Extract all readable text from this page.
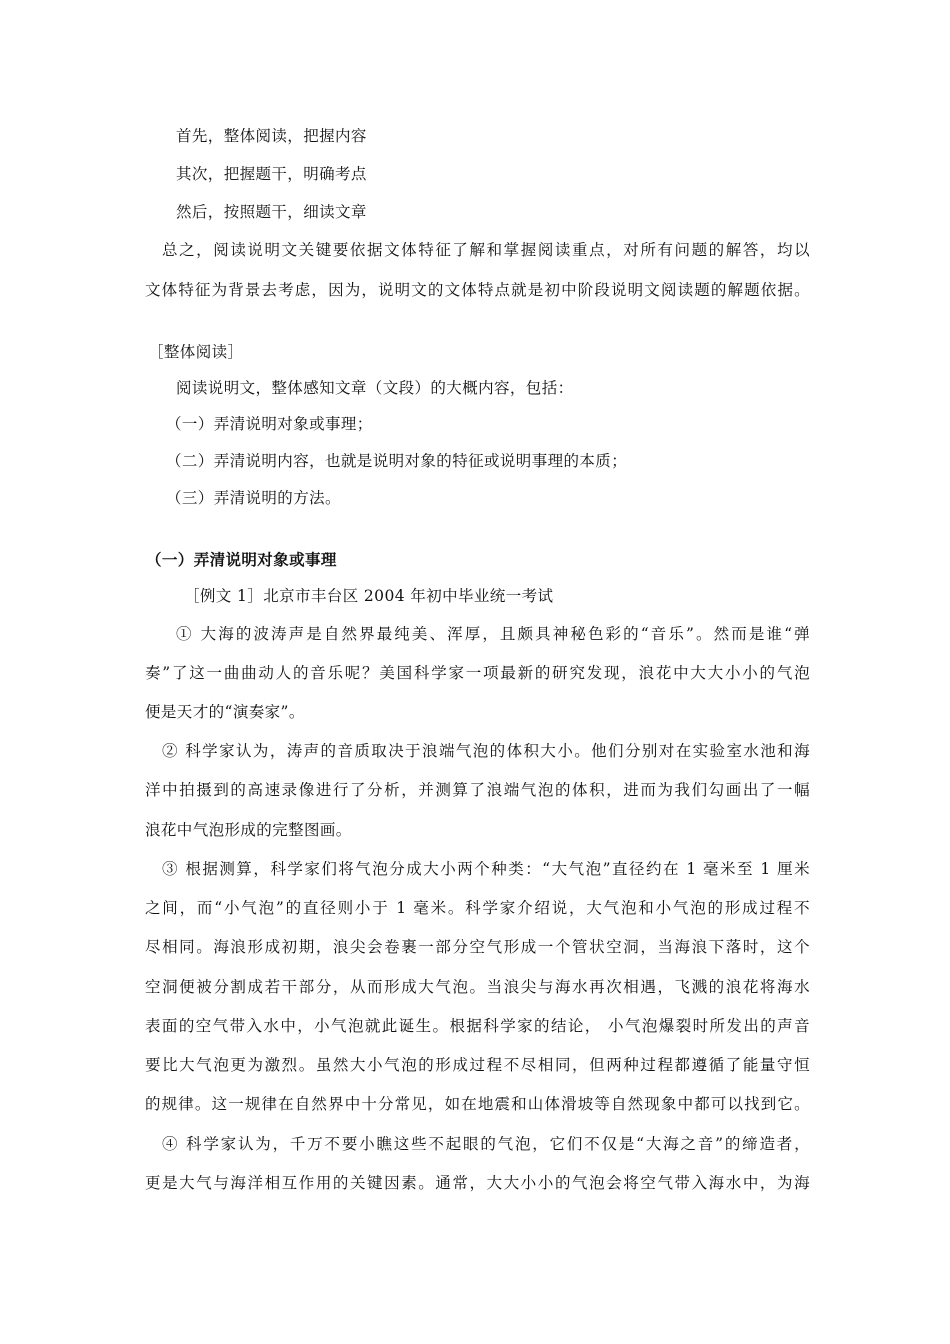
首先，整体阅读，把握内容
其次，把握题干，明确考点
然后，按照题干，细读文章
总之，阅读说明文关键要依据文体特征了解和掌握阅读重点，对所有问题的解答，均以
文体特征为背景去考虑，因为，说明文的文体特点就是初中阶段说明文阅读题的解题依据。
［整体阅读］
阅读说明文，整体感知文章（文段）的大概内容，包括：
（一）弄清说明对象或事理；
（二）弄清说明内容，也就是说明对象的特征或说明事理的本质；
（三）弄清说明的方法。
（一）弄清说明对象或事理
［例文 1］北京市丰台区 2004 年初中毕业统一考试
① 大海的波涛声是自然界最纯美、浑厚，且颇具神秘色彩的“音乐”。然而是谁“弹
奏”了这一曲曲动人的音乐呢？美国科学家一项最新的研究发现，浪花中大大小小的气泡
便是天才的“演奏家”。
② 科学家认为，涛声的音质取决于浪端气泡的体积大小。他们分别对在实验室水池和海
洋中拍摄到的高速录像进行了分析，并测算了浪端气泡的体积，进而为我们勾画出了一幅
浪花中气泡形成的完整图画。
③ 根据测算，科学家们将气泡分成大小两个种类：“大气泡”直径约在 1 毫米至 1 厘米
之间，而“小气泡”的直径则小于 1 毫米。科学家介绍说，大气泡和小气泡的形成过程不
尽相同。海浪形成初期，浪尖会卷裹一部分空气形成一个管状空洞，当海浪下落时，这个
空洞便被分割成若干部分，从而形成大气泡。当浪尖与海水再次相遇，飞溅的浪花将海水
表面的空气带入水中，小气泡就此诞生。根据科学家的结论， 小气泡爆裂时所发出的声音
要比大气泡更为激烈。虽然大小气泡的形成过程不尽相同，但两种过程都遵循了能量守恒
的规律。这一规律在自然界中十分常见，如在地震和山体滑坡等自然现象中都可以找到它。
④ 科学家认为，千万不要小瞧这些不起眼的气泡，它们不仅是“大海之音”的缔造者，
更是大气与海洋相互作用的关键因素。通常，大大小小的气泡会将空气带入海水中，为海
